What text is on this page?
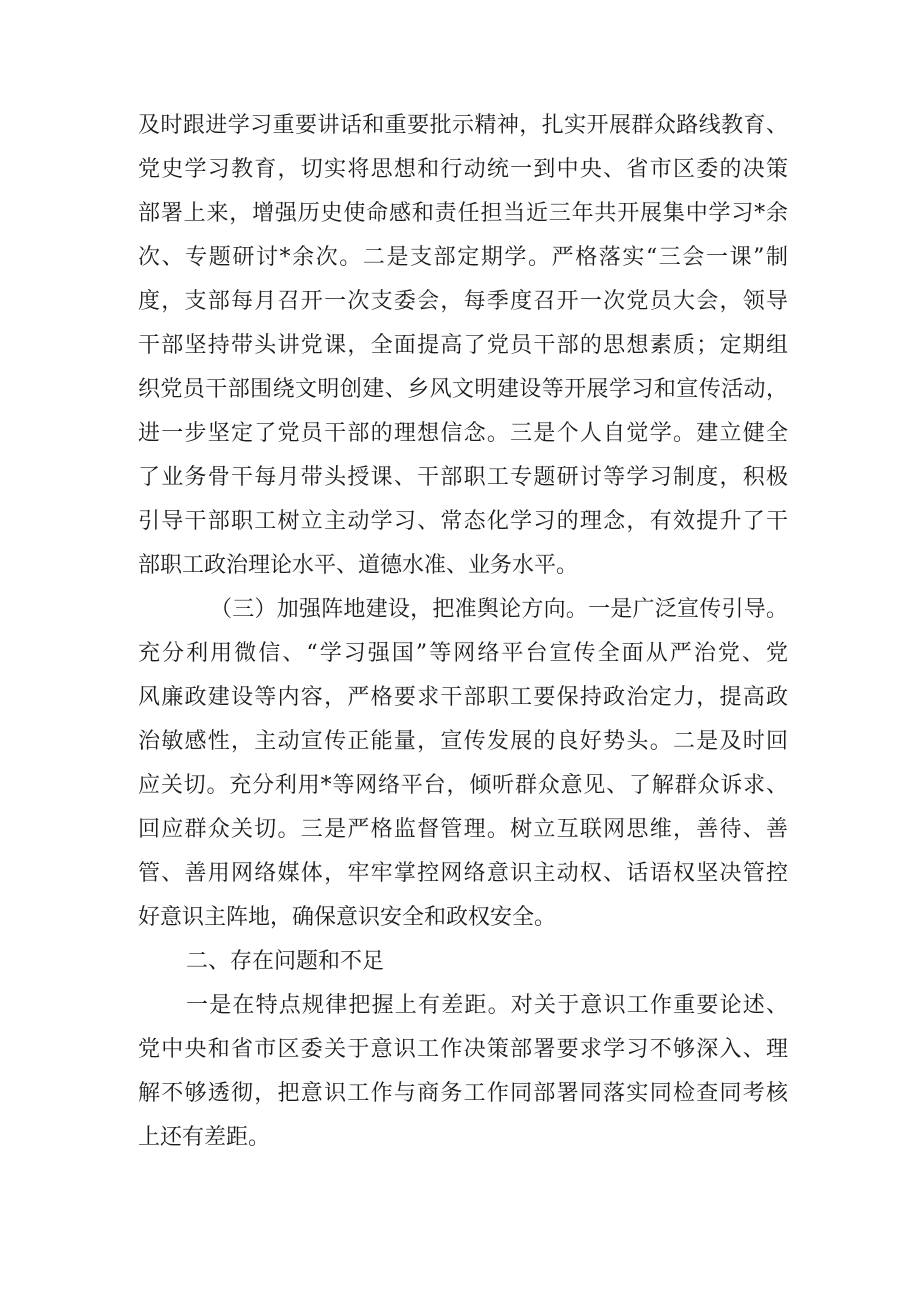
及时跟进学习重要讲话和重要批示精神，扎实开展群众路线教育、
党史学习教育，切实将思想和行动统一到中央、省市区委的决策
部署上来，增强历史使命感和责任担当近三年共开展集中学习*余
次、专题研讨*余次。二是支部定期学。严格落实“三会一课”制
度，支部每月召开一次支委会，每季度召开一次党员大会，领导
干部坚持带头讲党课，全面提高了党员干部的思想素质；定期组
织党员干部围绕文明创建、乡风文明建设等开展学习和宣传活动，
进一步坚定了党员干部的理想信念。三是个人自觉学。建立健全
了业务骨干每月带头授课、干部职工专题研讨等学习制度，积极
引导干部职工树立主动学习、常态化学习的理念，有效提升了干
部职工政治理论水平、道德水准、业务水平。
（三）加强阵地建设，把准舆论方向。一是广泛宣传引导。
充分利用微信、“学习强国”等网络平台宣传全面从严治党、党
风廉政建设等内容，严格要求干部职工要保持政治定力，提高政
治敏感性，主动宣传正能量，宣传发展的良好势头。二是及时回
应关切。充分利用*等网络平台，倾听群众意见、了解群众诉求、
回应群众关切。三是严格监督管理。树立互联网思维，善待、善
管、善用网络媒体，牢牢掌控网络意识主动权、话语权坚决管控
好意识主阵地，确保意识安全和政权安全。
二、存在问题和不足
一是在特点规律把握上有差距。对关于意识工作重要论述、
党中央和省市区委关于意识工作决策部署要求学习不够深入、理
解不够透彻，把意识工作与商务工作同部署同落实同检查同考核
上还有差距。
